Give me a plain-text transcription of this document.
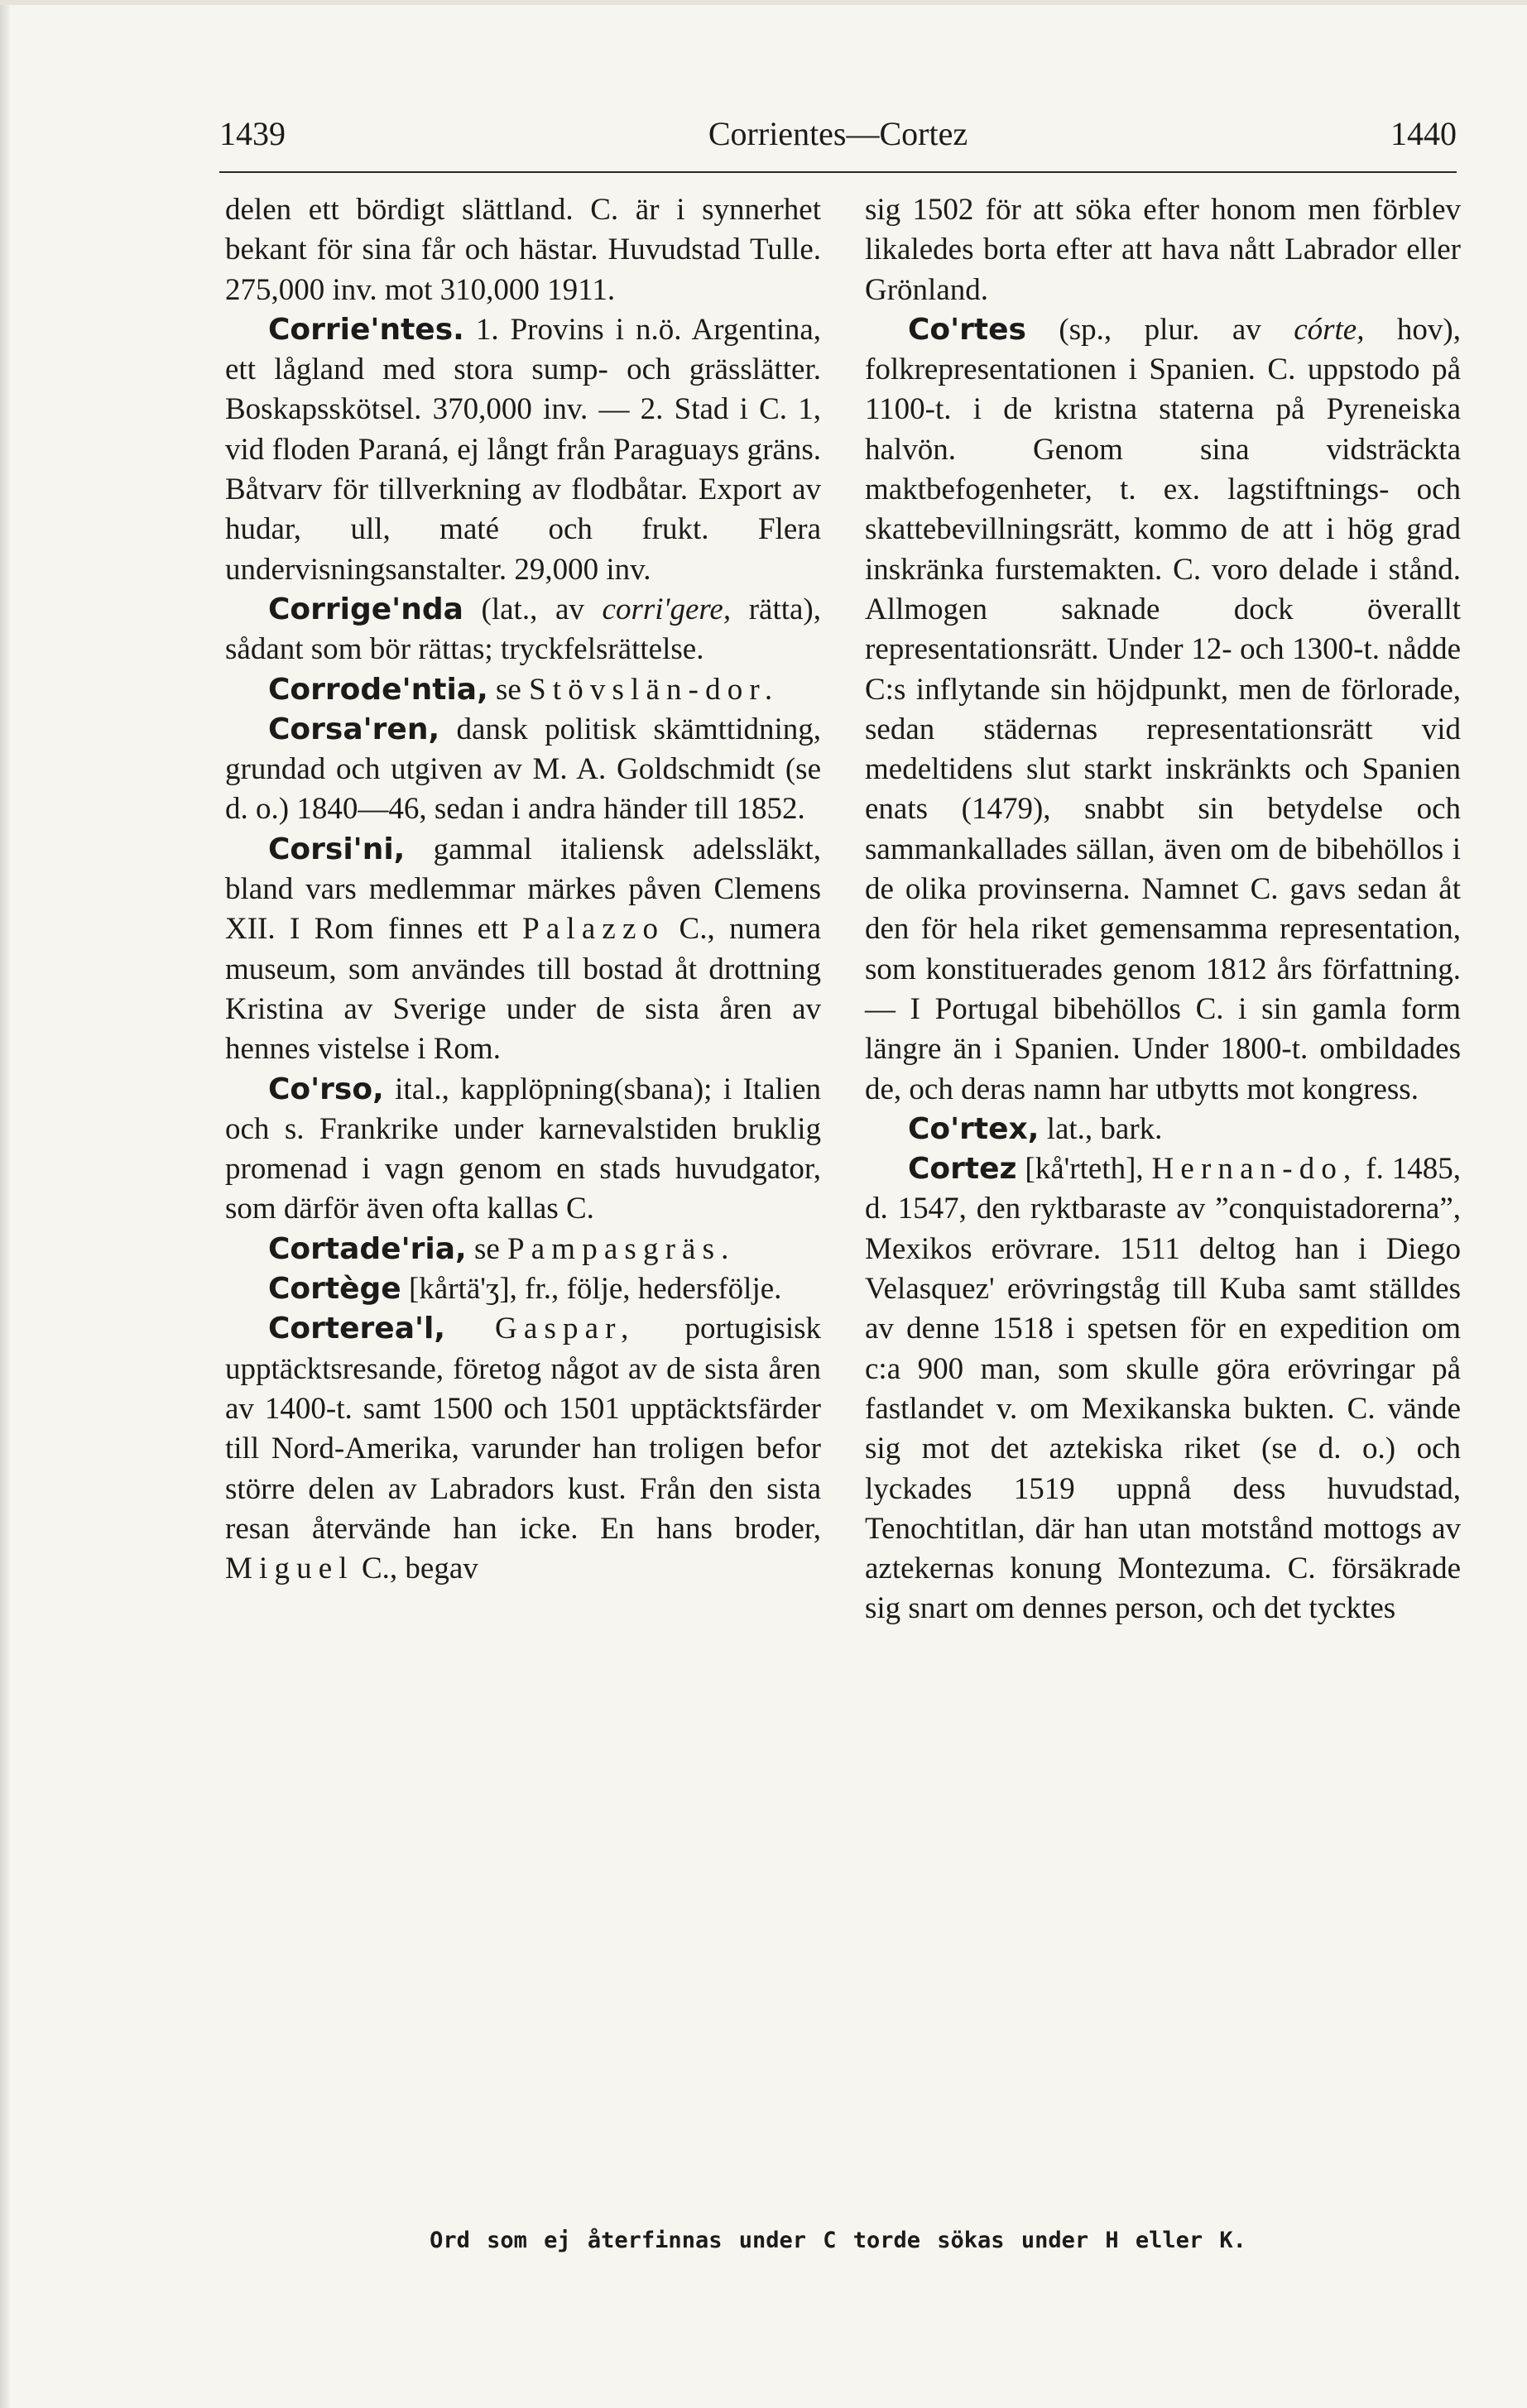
1439	Corrientes—Cortez	1440

delen ett bördigt slättland. C. är i synnerhet bekant för sina får och hästar. Huvudstad Tulle. 275,000 inv. mot 310,000 1911.

Corrie'ntes. 1. Provins i n.ö. Argentina, ett lågland med stora sump- och grässlätter. Boskapsskötsel. 370,000 inv. — 2. Stad i C. 1, vid floden Paraná, ej långt från Paraguays gräns. Båtvarv för tillverkning av flodbåtar. Export av hudar, ull, maté och frukt. Flera undervisningsanstalter. 29,000 inv.

Corrige'nda (lat., av corri'gere, rätta), sådant som bör rättas; tryckfelsrättelse.

Corrode'ntia, se Stövslän-dor.

Corsa'ren, dansk politisk skämttidning, grundad och utgiven av M. A. Goldschmidt (se d. o.) 1840—46, sedan i andra händer till 1852.

Corsi'ni, gammal italiensk adelssläkt, bland vars medlemmar märkes påven Clemens XII. I Rom finnes ett Palazzo C., numera museum, som användes till bostad åt drottning Kristina av Sverige under de sista åren av hennes vistelse i Rom.

Co'rso, ital., kapplöpning(sbana); i Italien och s. Frankrike under karnevalstiden bruklig promenad i vagn genom en stads huvudgator, som därför även ofta kallas C.

Cortade'ria, se Pampasgräs.

Cortège [kårtä'ʒ], fr., följe, hedersfölje.

Corterea'l, Gaspar, portugisisk upptäcktsresande, företog något av de sista åren av 1400-t. samt 1500 och 1501 upptäcktsfärder till Nord-Amerika, varunder han troligen befor större delen av Labradors kust. Från den sista resan återvände han icke. En hans broder, Miguel C., begav

sig 1502 för att söka efter honom men förblev likaledes borta efter att hava nått Labrador eller Grönland.

Co'rtes (sp., plur. av córte, hov), folkrepresentationen i Spanien. C. uppstodo på 1100-t. i de kristna staterna på Pyreneiska halvön. Genom sina vidsträckta maktbefogenheter, t. ex. lagstiftnings- och skattebevillningsrätt, kommo de att i hög grad inskränka furstemakten. C. voro delade i stånd. Allmogen saknade dock överallt representationsrätt. Under 12- och 1300-t. nådde C:s inflytande sin höjdpunkt, men de förlorade, sedan städernas representationsrätt vid medeltidens slut starkt inskränkts och Spanien enats (1479), snabbt sin betydelse och sammankallades sällan, även om de bibehöllos i de olika provinserna. Namnet C. gavs sedan åt den för hela riket gemensamma representation, som konstituerades genom 1812 års författning. — I Portugal bibehöllos C. i sin gamla form längre än i Spanien. Under 1800-t. ombildades de, och deras namn har utbytts mot kongress.

Co'rtex, lat., bark.

Cortez [kå'rteth], Hernan-do, f. 1485, d. 1547, den ryktbaraste av ”conquistadorerna”, Mexikos erövrare. 1511 deltog han i Diego Velasquez' erövringståg till Kuba samt ställdes av denne 1518 i spetsen för en expedition om c:a 900 man, som skulle göra erövringar på fastlandet v. om Mexikanska bukten. C. vände sig mot det aztekiska riket (se d. o.) och lyckades 1519 uppnå dess huvudstad, Tenochtitlan, där han utan motstånd mottogs av aztekernas konung Montezuma. C. försäkrade sig snart om dennes person, och det tycktes

Ord som ej återfinnas under C torde sökas under H eller K.
